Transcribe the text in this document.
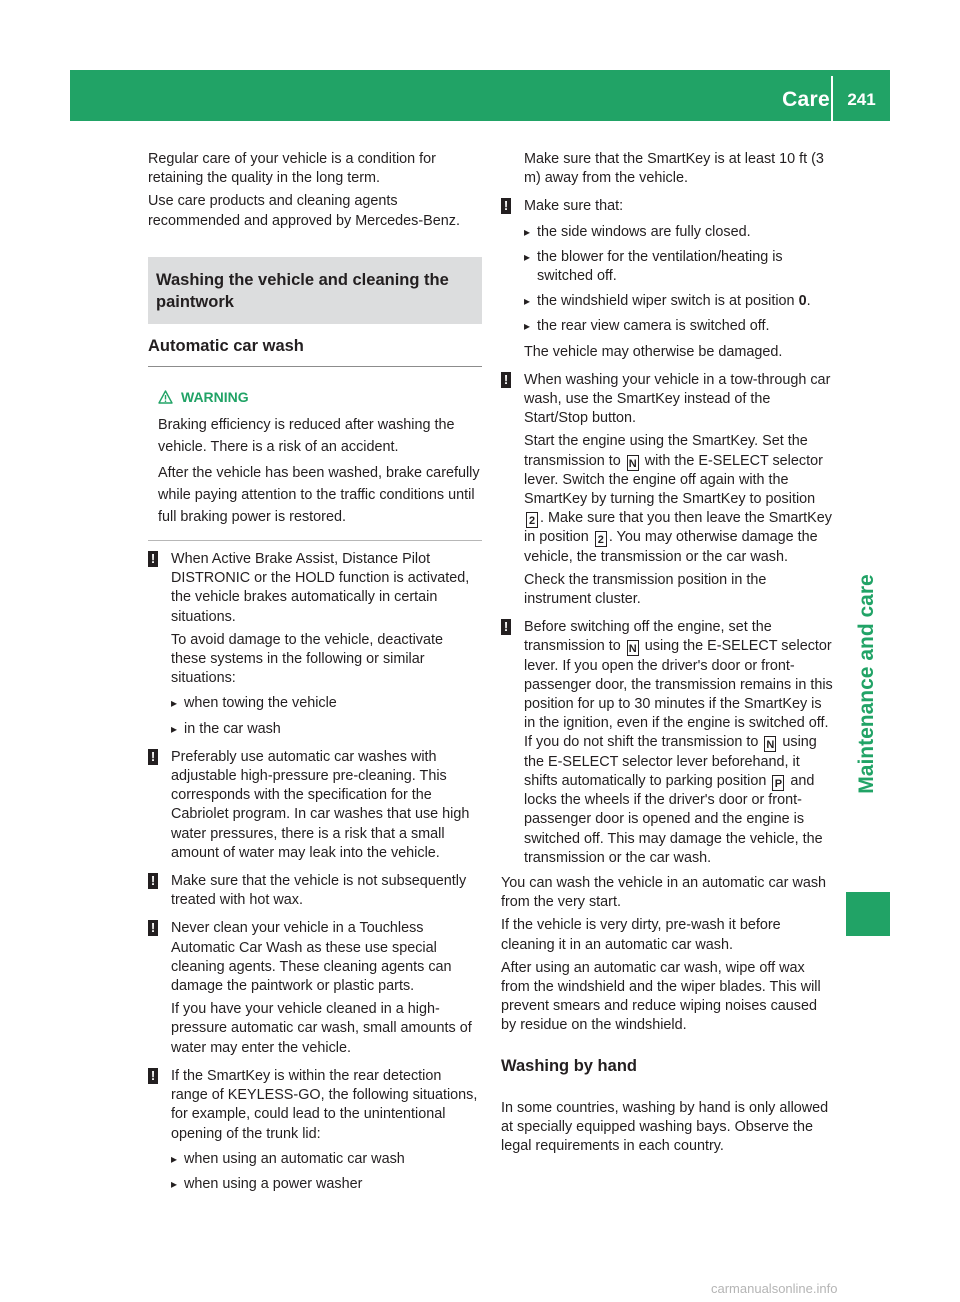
Care	241
Maintenance and care

Regular care of your vehicle is a condition for retaining the quality in the long term.

Use care products and cleaning agents recommended and approved by Mercedes-Benz.

Washing the vehicle and cleaning the paintwork
Automatic car wash
WARNING

Braking efficiency is reduced after washing the vehicle. There is a risk of an accident.

After the vehicle has been washed, brake carefully while paying attention to the traffic conditions until full braking power is restored.

! When Active Brake Assist, Distance Pilot DISTRONIC or the HOLD function is activated, the vehicle brakes automatically in certain situations.

To avoid damage to the vehicle, deactivate these systems in the following or similar situations:

▸ when towing the vehicle
▸ in the car wash
! Preferably use automatic car washes with adjustable high-pressure pre-cleaning. This corresponds with the specification for the Cabriolet program. In car washes that use high water pressures, there is a risk that a small amount of water may leak into the vehicle.

! Make sure that the vehicle is not subsequently treated with hot wax.

! Never clean your vehicle in a Touchless Automatic Car Wash as these use special cleaning agents. These cleaning agents can damage the paintwork or plastic parts.

If you have your vehicle cleaned in a high-pressure automatic car wash, small amounts of water may enter the vehicle.

! If the SmartKey is within the rear detection range of KEYLESS-GO, the following situations, for example, could lead to the unintentional opening of the trunk lid:

▸ when using an automatic car wash
▸ when using a power washer

Make sure that the SmartKey is at least 10 ft (3 m) away from the vehicle.

! Make sure that:

▸ the side windows are fully closed.
▸ the blower for the ventilation/heating is switched off.
▸ the windshield wiper switch is at position 0.
▸ the rear view camera is switched off.

The vehicle may otherwise be damaged.

! When washing your vehicle in a tow-through car wash, use the SmartKey instead of the Start/Stop button.

Start the engine using the SmartKey. Set the transmission to N with the E-SELECT selector lever. Switch the engine off again with the SmartKey by turning the SmartKey to position 2 . Make sure that you then leave the SmartKey in position 2 . You may otherwise damage the vehicle, the transmission or the car wash.

Check the transmission position in the instrument cluster.

! Before switching off the engine, set the transmission to N using the E-SELECT selector lever. If you open the driver's door or front-passenger door, the transmission remains in this position for up to 30 minutes if the SmartKey is in the ignition, even if the engine is switched off. If you do not shift the transmission to N using the E-SELECT selector lever beforehand, it shifts automatically to parking position P and locks the wheels if the driver's door or front-passenger door is opened and the engine is switched off. This may damage the vehicle, the transmission or the car wash.

You can wash the vehicle in an automatic car wash from the very start.

If the vehicle is very dirty, pre-wash it before cleaning it in an automatic car wash.

After using an automatic car wash, wipe off wax from the windshield and the wiper blades. This will prevent smears and reduce wiping noises caused by residue on the windshield.

Washing by hand

In some countries, washing by hand is only allowed at specially equipped washing bays. Observe the legal requirements in each country.

carmanualsonline.info
